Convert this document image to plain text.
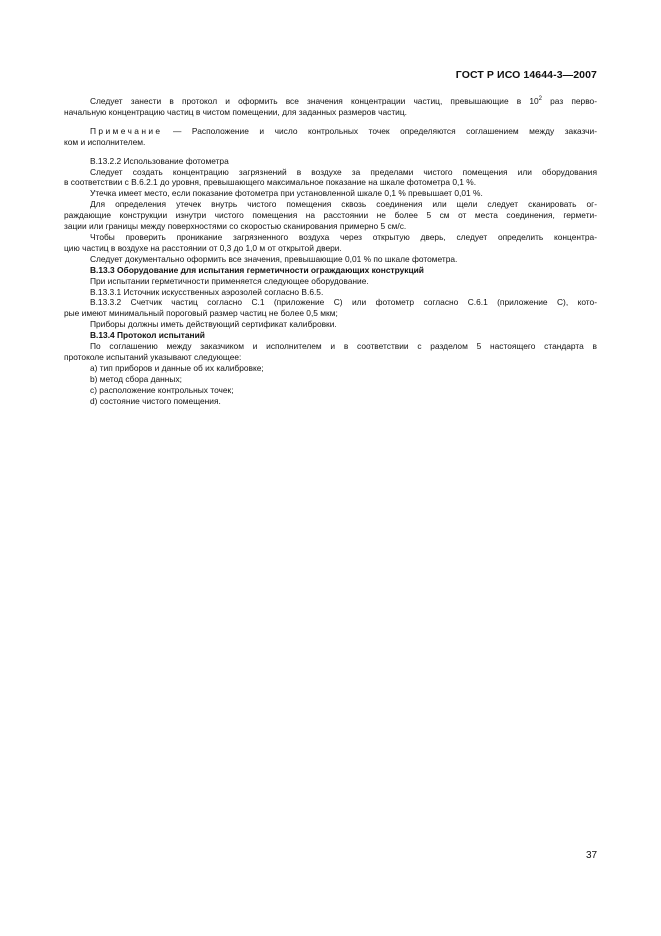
ГОСТ Р ИСО 14644-3—2007

Следует занести в протокол и оформить все значения концентрации частиц, превышающие в $10^2$ раз перво-

начальную концентрацию частиц в чистом помещении, для заданных размеров частиц.

Примечание — Расположение и число контрольных точек определяются соглашением между заказчи-

ком и исполнителем.

B.13.2.2 Использование фотометра

Следует создать концентрацию загрязнений в воздухе за пределами чистого помещения или оборудования

в соответствии с B.6.2.1 до уровня, превышающего максимальное показание на шкале фотометра 0,1 %.

Утечка имеет место, если показание фотометра при установленной шкале 0,1 % превышает 0,01 %.

Для определения утечек внутрь чистого помещения сквозь соединения или щели следует сканировать ог-

раждающие конструкции изнутри чистого помещения на расстоянии не более 5 см от места соединения, гермети-

зации или границы между поверхностями со скоростью сканирования примерно 5 см/с.

Чтобы проверить проникание загрязненного воздуха через открытую дверь, следует определить концентра-

цию частиц в воздухе на расстоянии от 0,3 до 1,0 м от открытой двери.

Следует документально оформить все значения, превышающие 0,01 % по шкале фотометра.

B.13.3 Оборудование для испытания герметичности ограждающих конструкций

При испытании герметичности применяется следующее оборудование.

B.13.3.1 Источник искусственных аэрозолей согласно B.6.5.

B.13.3.2 Счетчик частиц согласно C.1 (приложение C) или фотометр согласно C.6.1 (приложение C), кото-

рые имеют минимальный пороговый размер частиц не более 0,5 мкм;

Приборы должны иметь действующий сертификат калибровки.

B.13.4 Протокол испытаний

По соглашению между заказчиком и исполнителем и в соответствии с разделом 5 настоящего стандарта в

протоколе испытаний указывают следующее:

a) тип приборов и данные об их калибровке;

b) метод сбора данных;

c) расположение контрольных точек;

d) состояние чистого помещения.

37
